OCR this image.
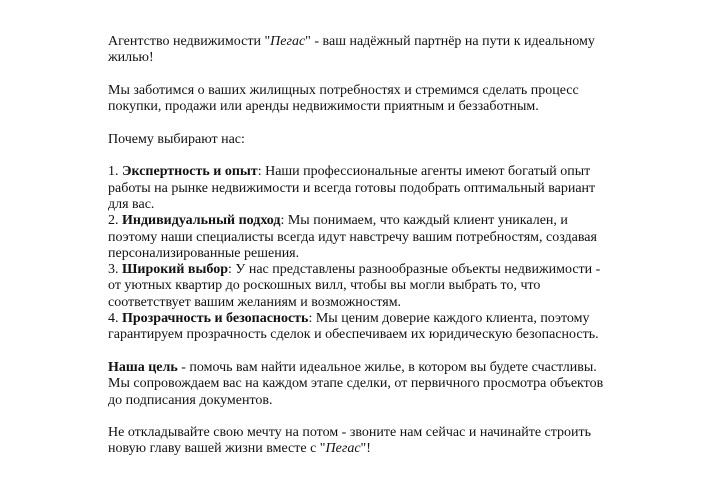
Агентство недвижимости "Пегас" - ваш надёжный партнёр на пути к идеальному жилью!

Мы заботимся о ваших жилищных потребностях и стремимся сделать процесс покупки, продажи или аренды недвижимости приятным и беззаботным.

Почему выбирают нас:

1. Экспертность и опыт: Наши профессиональные агенты имеют богатый опыт работы на рынке недвижимости и всегда готовы подобрать оптимальный вариант для вас.

2. Индивидуальный подход: Мы понимаем, что каждый клиент уникален, и поэтому наши специалисты всегда идут навстречу вашим потребностям, создавая персонализированные решения.

3. Широкий выбор: У нас представлены разнообразные объекты недвижимости - от уютных квартир до роскошных вилл, чтобы вы могли выбрать то, что соответствует вашим желаниям и возможностям.

4. Прозрачность и безопасность: Мы ценим доверие каждого клиента, поэтому гарантируем прозрачность сделок и обеспечиваем их юридическую безопасность.

Наша цель - помочь вам найти идеальное жилье, в котором вы будете счастливы. Мы сопровождаем вас на каждом этапе сделки, от первичного просмотра объектов до подписания документов.

Не откладывайте свою мечту на потом - звоните нам сейчас и начинайте строить новую главу вашей жизни вместе с "Пегас"!
